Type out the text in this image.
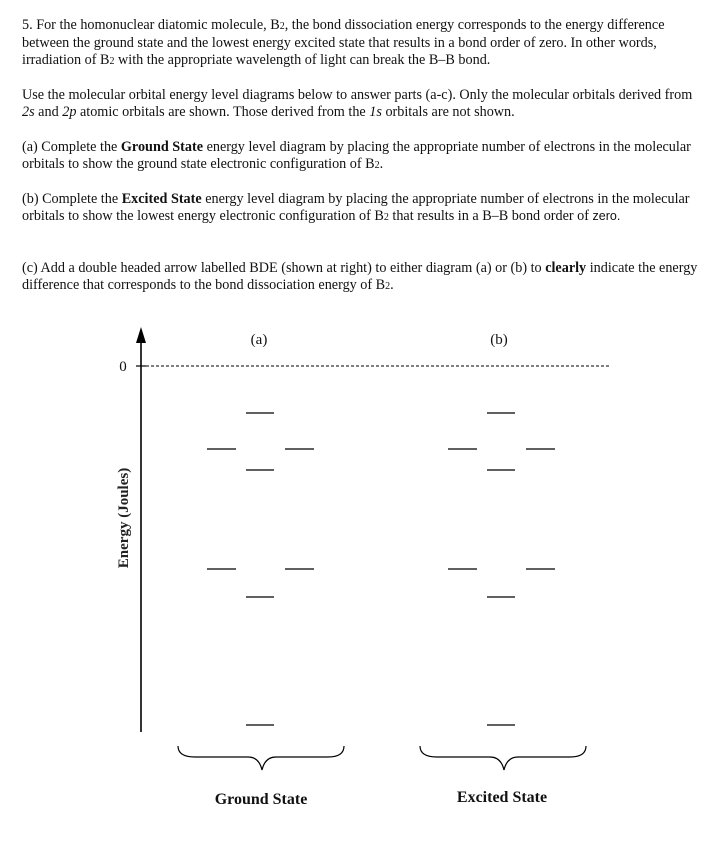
5. For the homonuclear diatomic molecule, B2, the bond dissociation energy corresponds to the energy difference between the ground state and the lowest energy excited state that results in a bond order of zero. In other words, irradiation of B2 with the appropriate wavelength of light can break the B–B bond.

Use the molecular orbital energy level diagrams below to answer parts (a-c). Only the molecular orbitals derived from 2s and 2p atomic orbitals are shown. Those derived from the 1s orbitals are not shown.

(a) Complete the Ground State energy level diagram by placing the appropriate number of electrons in the molecular orbitals to show the ground state electronic configuration of B2.

(b) Complete the Excited State energy level diagram by placing the appropriate number of electrons in the molecular orbitals to show the lowest energy electronic configuration of B2 that results in a B–B bond order of zero.

(c) Add a double headed arrow labelled BDE (shown at right) to either diagram (a) or (b) to clearly indicate the energy difference that corresponds to the bond dissociation energy of B2.

0
Energy (Joules)
(a)	(b)
Ground State	Excited State
